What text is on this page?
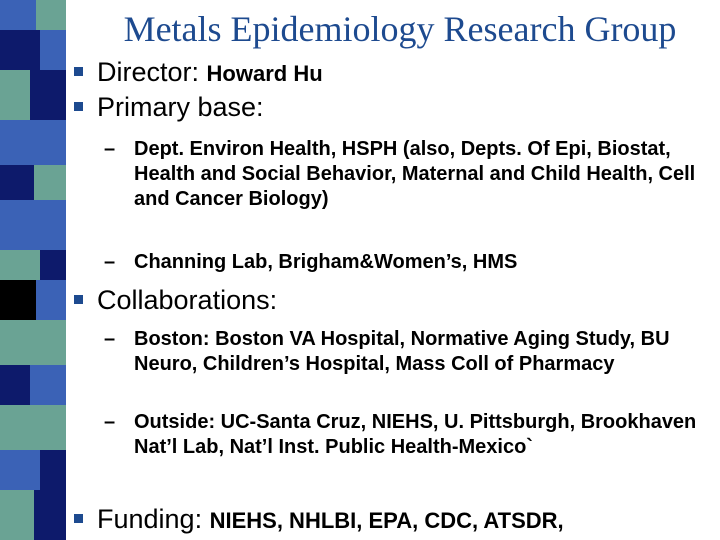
Metals Epidemiology Research Group
Director: Howard Hu
Primary base:
– Dept. Environ Health, HSPH (also, Depts. Of Epi, Biostat, Health and Social Behavior, Maternal and Child Health, Cell and Cancer Biology)
– Channing Lab, Brigham&Women’s, HMS
Collaborations:
– Boston: Boston VA Hospital, Normative Aging Study, BU Neuro, Children’s Hospital, Mass Coll of Pharmacy
– Outside: UC-Santa Cruz, NIEHS, U. Pittsburgh, Brookhaven Nat’l Lab, Nat’l Inst. Public Health-Mexico`
Funding: NIEHS, NHLBI, EPA, CDC, ATSDR,
